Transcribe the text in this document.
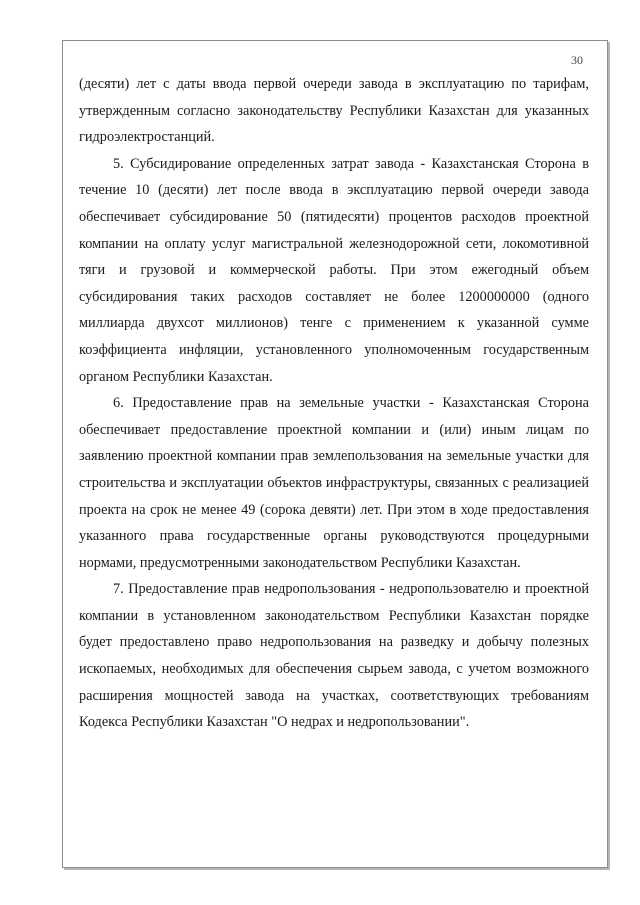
30

(десяти) лет с даты ввода первой очереди завода в эксплуатацию по тарифам, утвержденным согласно законодательству Республики Казахстан для указанных гидроэлектростанций.

5. Субсидирование определенных затрат завода - Казахстанская Сторона в течение 10 (десяти) лет после ввода в эксплуатацию первой очереди завода обеспечивает субсидирование 50 (пятидесяти) процентов расходов проектной компании на оплату услуг магистральной железнодорожной сети, локомотивной тяги и грузовой и коммерческой работы. При этом ежегодный объем субсидирования таких расходов составляет не более 1200000000 (одного миллиарда двухсот миллионов) тенге с применением к указанной сумме коэффициента инфляции, установленного уполномоченным государственным органом Республики Казахстан.

6. Предоставление прав на земельные участки - Казахстанская Сторона обеспечивает предоставление проектной компании и (или) иным лицам по заявлению проектной компании прав землепользования на земельные участки для строительства и эксплуатации объектов инфраструктуры, связанных с реализацией проекта на срок не менее 49 (сорока девяти) лет. При этом в ходе предоставления указанного права государственные органы руководствуются процедурными нормами, предусмотренными законодательством Республики Казахстан.

7. Предоставление прав недропользования - недропользователю и проектной компании в установленном законодательством Республики Казахстан порядке будет предоставлено право недропользования на разведку и добычу полезных ископаемых, необходимых для обеспечения сырьем завода, с учетом возможного расширения мощностей завода на участках, соответствующих требованиям Кодекса Республики Казахстан "О недрах и недропользовании".
